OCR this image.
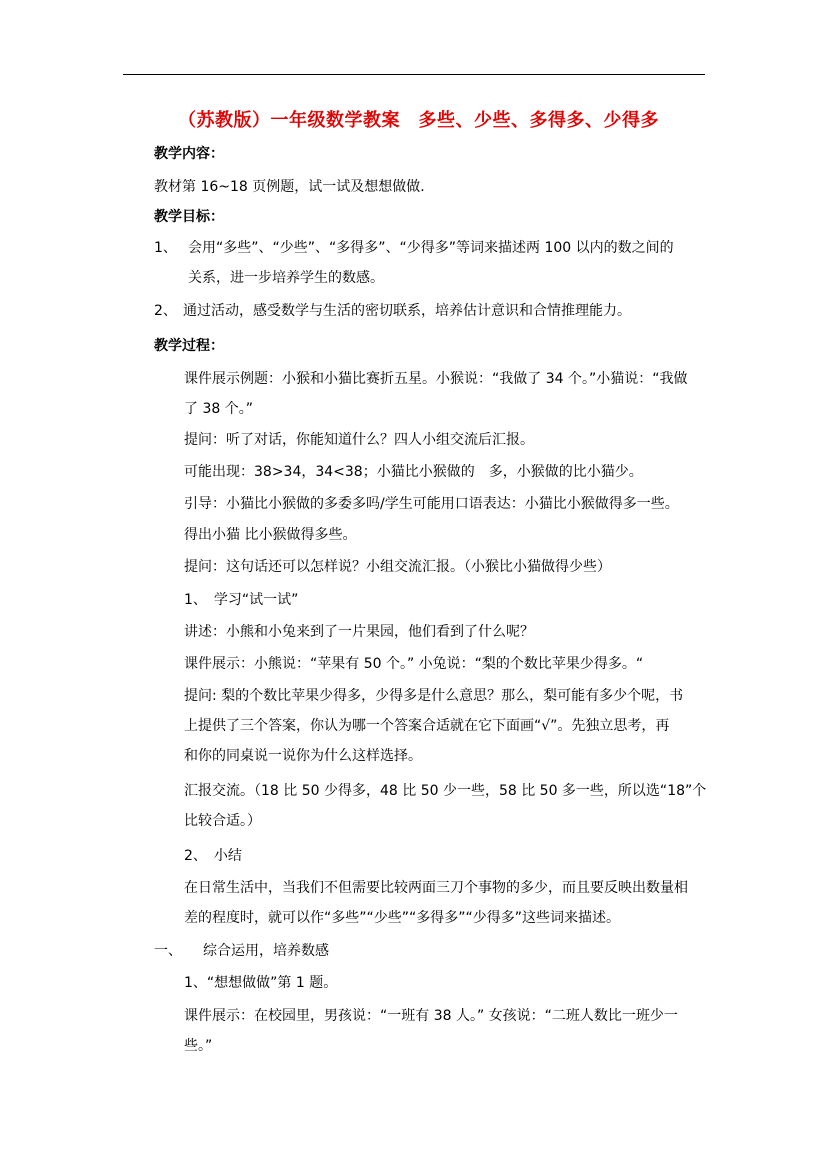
（苏教版）一年级数学教案　多些、少些、多得多、少得多
教学内容：
教材第 16~18 页例题，试一试及想想做做.
教学目标：
1、 会用“多些”、“少些”、“多得多”、“少得多”等词来描述两 100 以内的数之间的
关系，进一步培养学生的数感。
2、 通过活动，感受数学与生活的密切联系，培养估计意识和合情推理能力。
教学过程：
课件展示例题：小猴和小猫比赛折五星。小猴说：“我做了 34 个。”小猫说：“我做
了 38 个。”
提问：听了对话，你能知道什么？四人小组交流后汇报。
可能出现：38>34，34<38；小猫比小猴做的　多，小猴做的比小猫少。
引导：小猫比小猴做的多委多吗/学生可能用口语表达：小猫比小猴做得多一些。
得出小猫 比小猴做得多些。
提问：这句话还可以怎样说？小组交流汇报。（小猴比小猫做得少些）
1、　学习“试一试”
讲述：小熊和小兔来到了一片果园，他们看到了什么呢？
课件展示：小熊说：“苹果有 50 个。” 小兔说：“梨的个数比苹果少得多。“
提问: 梨的个数比苹果少得多，少得多是什么意思？那么，梨可能有多少个呢，书
上提供了三个答案，你认为哪一个答案合适就在它下面画“√”。先独立思考，再
和你的同桌说一说你为什么这样选择。
汇报交流。（18 比 50 少得多，48 比 50 少一些，58 比 50 多一些，所以选“18”个
比较合适。）
2、　小结
在日常生活中，当我们不但需要比较两面三刀个事物的多少，而且要反映出数量相
差的程度时，就可以作“多些”“少些”“多得多”“少得多”这些词来描述。
一、　　综合运用，培养数感
1、“想想做做”第 1 题。
课件展示：在校园里，男孩说：“一班有 38 人。” 女孩说：“二班人数比一班少一
些。”
